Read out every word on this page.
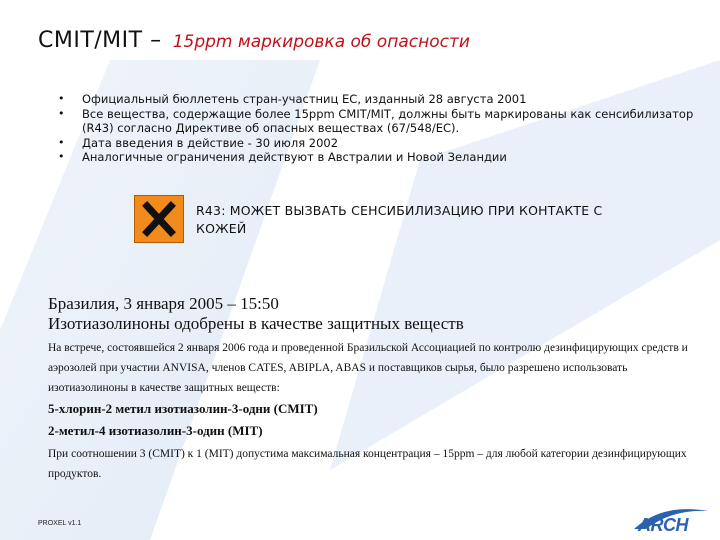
CMIT/MIT – 15ppm маркировка об опасности
• Официальный бюллетень стран-участниц ЕС, изданный 28 августа 2001
• Все вещества, содержащие более 15ppm CMIT/MIT, должны быть маркированы как сенсибилизатор (R43) согласно Директиве об опасных веществах (67/548/EC).
• Дата введения в действие - 30 июля 2002
• Аналогичные ограничения действуют в Австралии и Новой Зеландии
R43: МОЖЕТ ВЫЗВАТЬ СЕНСИБИЛИЗАЦИЮ ПРИ КОНТАКТЕ С КОЖЕЙ
Бразилия, 3 января 2005 – 15:50
Изотиазолиноны одобрены в качестве защитных веществ
На встрече, состоявшейся 2 января 2006 года и проведенной Бразильской Ассоциацией по контролю дезинфицирующих средств и аэрозолей при участии ANVISA, членов CATES, ABIPLA, ABAS и поставщиков сырья, было разрешено использовать изотиазолиноны в качестве защитных веществ:
5-хлорин-2 метил изотиазолин-3-одни (CMIT)
2-метил-4 изотиазолин-3-один (MIT)
При соотношении 3 (CMIT) к 1 (MIT) допустима максимальная концентрация – 15ppm – для любой категории дезинфицирующих продуктов.
PROXEL v1.1	ARCH
